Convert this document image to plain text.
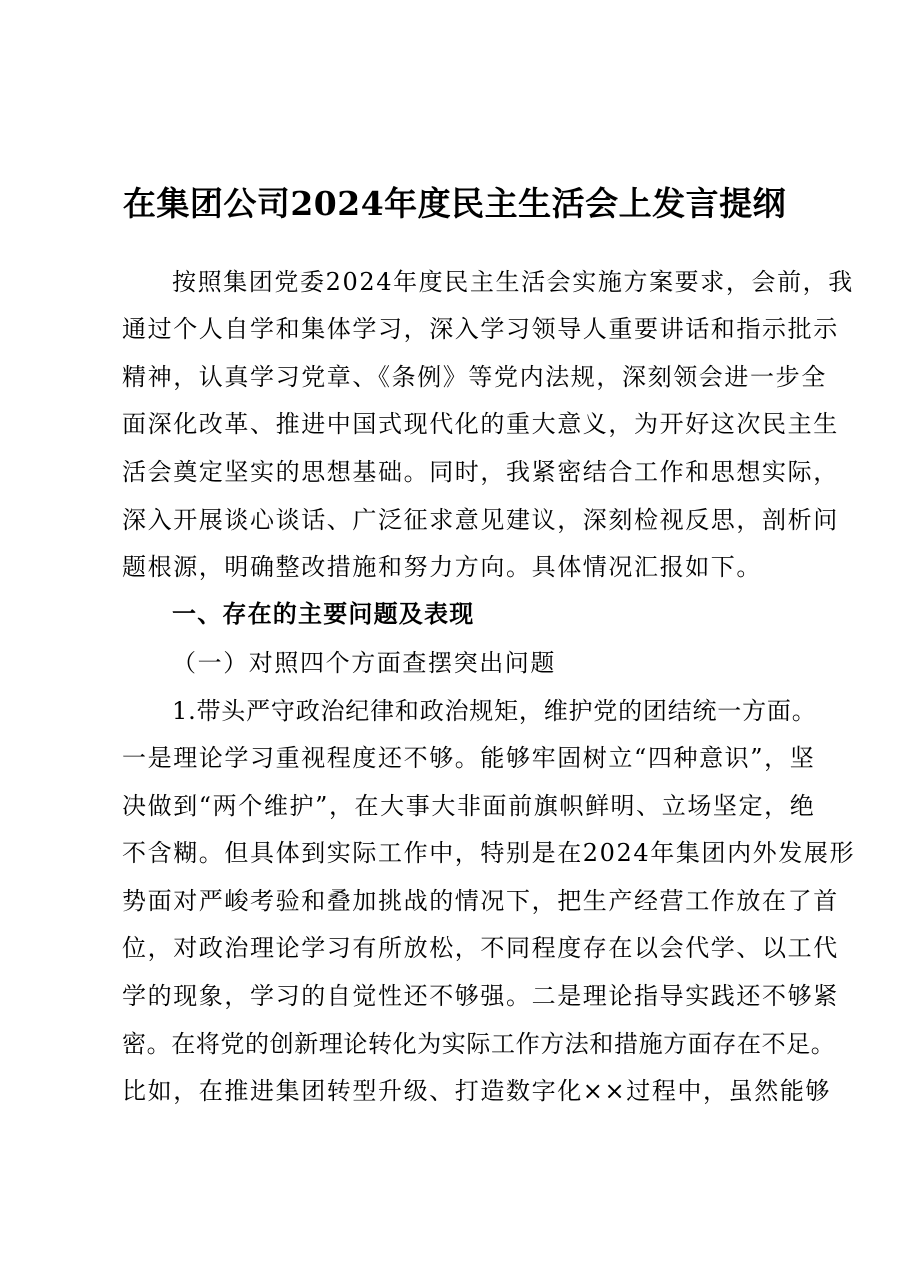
在集团公司2024年度民主生活会上发言提纲
按照集团党委2024年度民主生活会实施方案要求，会前，我
通过个人自学和集体学习，深入学习领导人重要讲话和指示批示
精神，认真学习党章、《条例》等党内法规，深刻领会进一步全
面深化改革、推进中国式现代化的重大意义，为开好这次民主生
活会奠定坚实的思想基础。同时，我紧密结合工作和思想实际，
深入开展谈心谈话、广泛征求意见建议，深刻检视反思，剖析问
题根源，明确整改措施和努力方向。具体情况汇报如下。
一、存在的主要问题及表现
（一）对照四个方面查摆突出问题
1.带头严守政治纪律和政治规矩，维护党的团结统一方面。
一是理论学习重视程度还不够。能够牢固树立“四种意识”，坚
决做到“两个维护”，在大事大非面前旗帜鲜明、立场坚定，绝
不含糊。但具体到实际工作中，特别是在2024年集团内外发展形
势面对严峻考验和叠加挑战的情况下，把生产经营工作放在了首
位，对政治理论学习有所放松，不同程度存在以会代学、以工代
学的现象，学习的自觉性还不够强。二是理论指导实践还不够紧
密。在将党的创新理论转化为实际工作方法和措施方面存在不足。
比如，在推进集团转型升级、打造数字化××过程中，虽然能够
